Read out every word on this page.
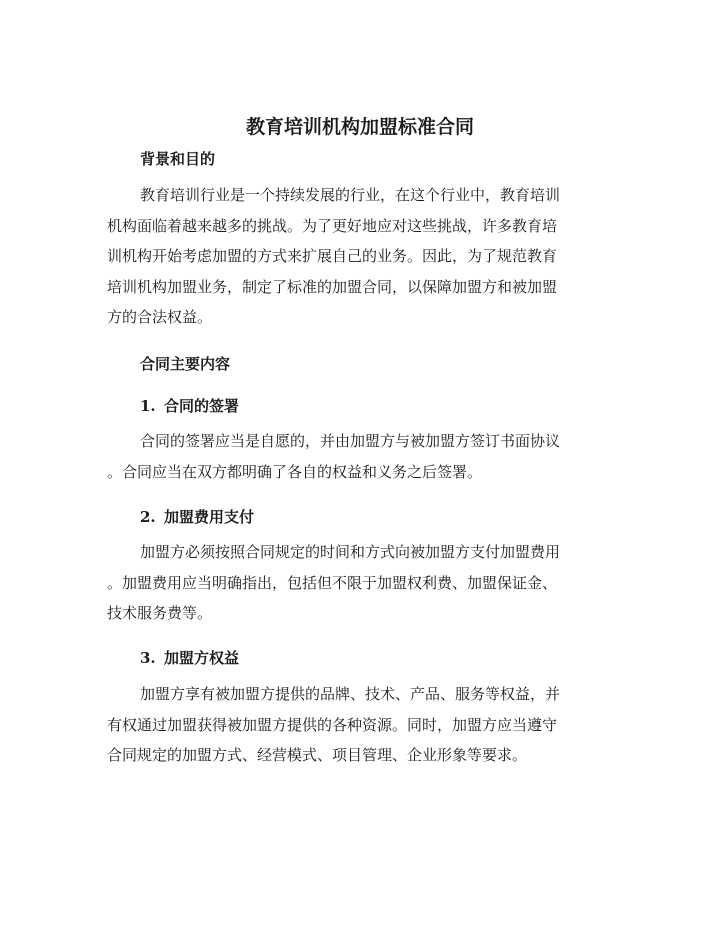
教育培训机构加盟标准合同
背景和目的
教育培训行业是一个持续发展的行业，在这个行业中，教育培训
机构面临着越来越多的挑战。为了更好地应对这些挑战，许多教育培
训机构开始考虑加盟的方式来扩展自己的业务。因此，为了规范教育
培训机构加盟业务，制定了标准的加盟合同，以保障加盟方和被加盟
方的合法权益。
合同主要内容
1. 合同的签署
合同的签署应当是自愿的，并由加盟方与被加盟方签订书面协议
。合同应当在双方都明确了各自的权益和义务之后签署。
2. 加盟费用支付
加盟方必须按照合同规定的时间和方式向被加盟方支付加盟费用
。加盟费用应当明确指出，包括但不限于加盟权利费、加盟保证金、
技术服务费等。
3. 加盟方权益
加盟方享有被加盟方提供的品牌、技术、产品、服务等权益，并
有权通过加盟获得被加盟方提供的各种资源。同时，加盟方应当遵守
合同规定的加盟方式、经营模式、项目管理、企业形象等要求。
